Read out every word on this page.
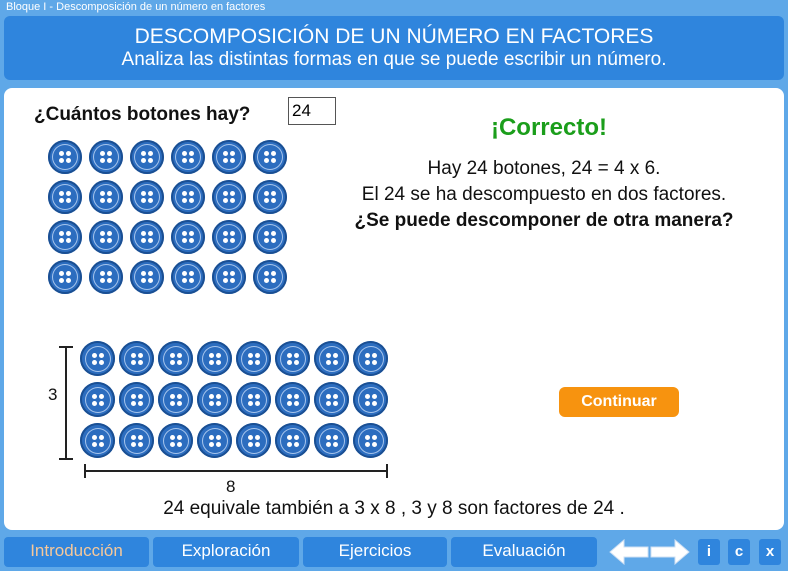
Bloque I - Descomposición de un número en factores
DESCOMPOSICIÓN DE UN NÚMERO EN FACTORES
Analiza las distintas formas en que se puede escribir un número.
¿Cuántos botones hay?
24	¡Correcto!
Hay 24 botones, 24 = 4 x 6.
El 24 se ha descompuesto en dos factores.
¿Se puede descomponer de otra manera?
3
8
Continuar
24 equivale también a 3 x 8 , 3 y 8 son factores de 24 .
Introducción	Exploración	Ejercicios	Evaluación	i	c	x
